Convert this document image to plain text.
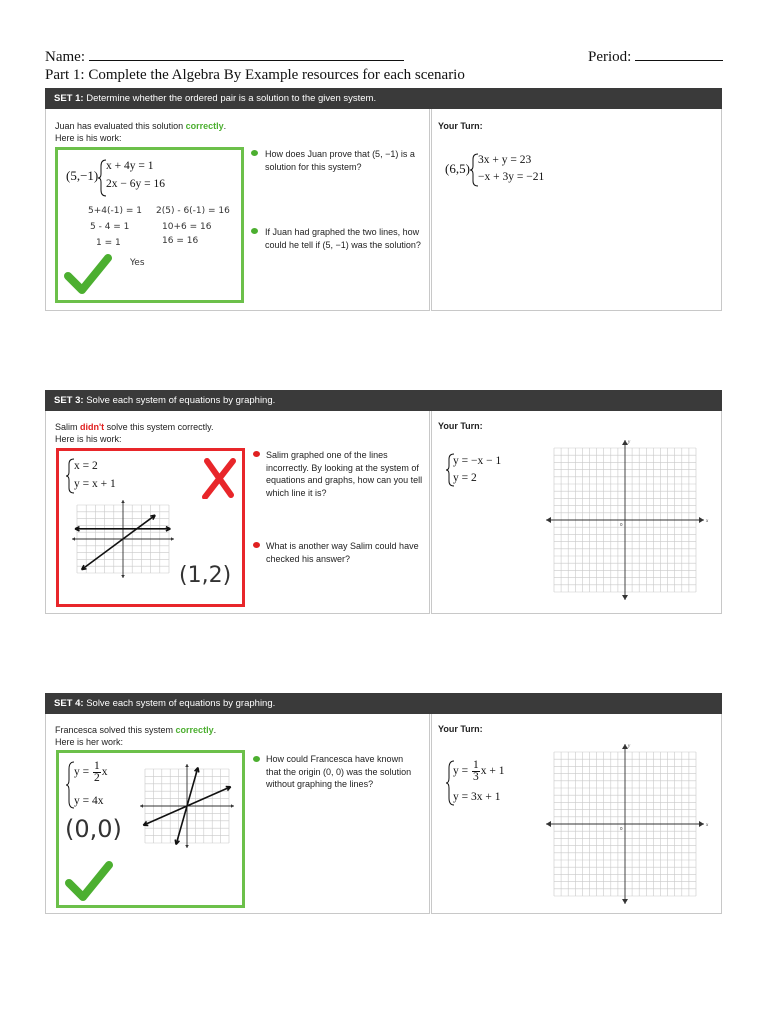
Name:	Period:
Part 1: Complete the Algebra By Example resources for each scenario
SET 1: Determine whether the ordered pair is a solution to the given system.
Juan has evaluated this solution correctly.
Here is his work:
(5,−1)
x + 4y = 1
2x − 6y = 16
5+4(-1) = 1
5 - 4 = 1
1 = 1
2(5) - 6(-1) = 16
10+6 = 16
16 = 16
Yes
How does Juan prove that (5, −1) is a solution for this system?
If Juan had graphed the two lines, how could he tell if (5, −1) was the solution?
Your Turn:
(6,5)
3x + y = 23
−x + 3y = −21
SET 3: Solve each system of equations by graphing.
Salim didn't solve this system correctly.
Here is his work:
x = 2
y = x + 1
(1,2)
Salim graphed one of the lines incorrectly. By looking at the system of equations and graphs, how can you tell which line it is?
What is another way Salim could have checked his answer?
Your Turn:
y = −x − 1
y = 2
x
y
0
SET 4: Solve each system of equations by graphing.
Francesca solved this system correctly.
Here is her work:
$y = \frac{1}{2}$ x
y = 4x
(0,0)
How could Francesca have known that the origin (0, 0) was the solution without graphing the lines?
Your Turn:
$y = \frac{1}{3}$ x + 1
y = 3x + 1
x
y
0
